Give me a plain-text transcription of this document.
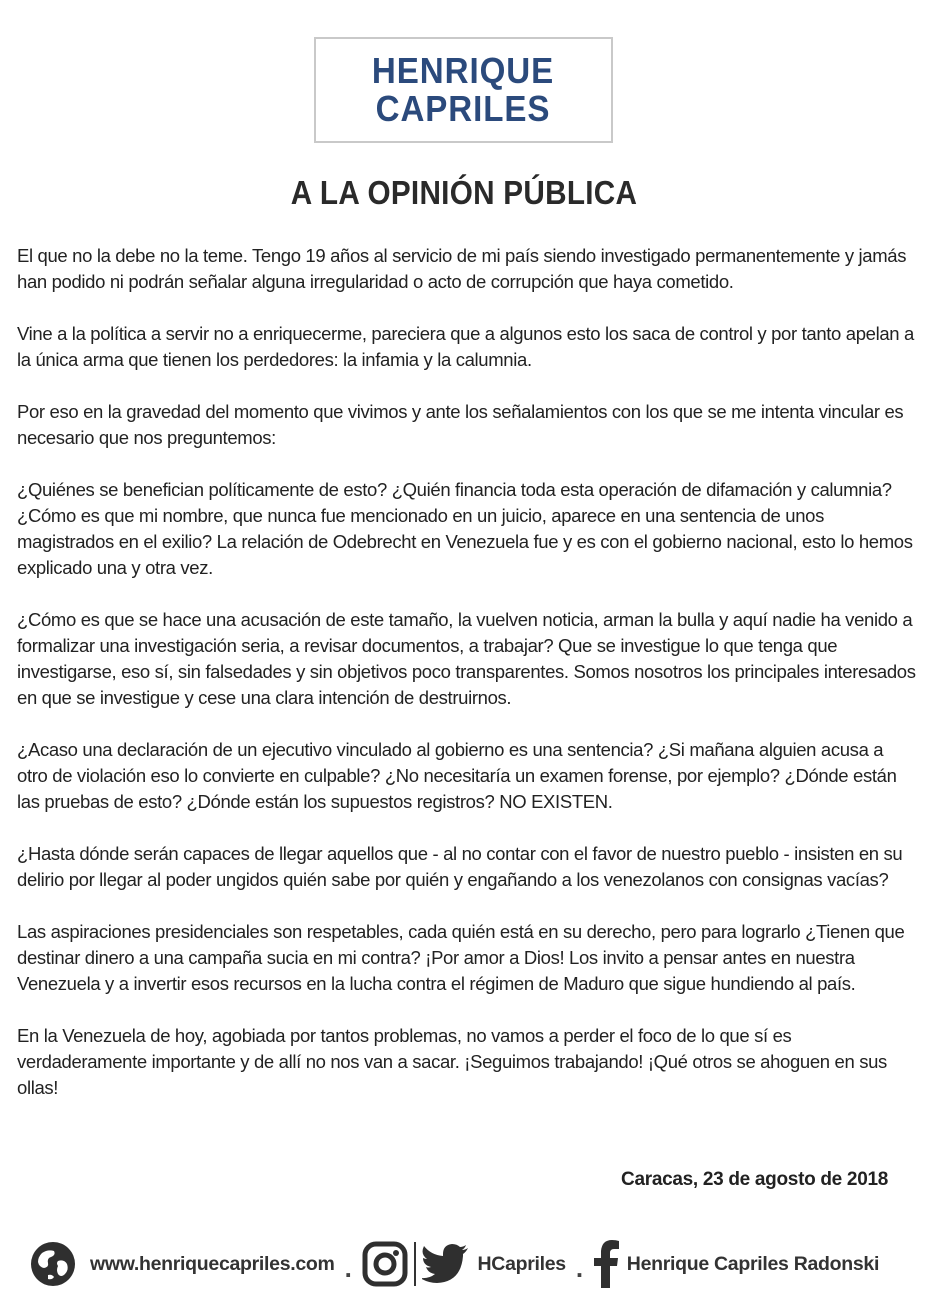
HENRIQUE
CAPRILES
A LA OPINIÓN PÚBLICA

El que no la debe no la teme. Tengo 19 años al servicio de mi país siendo investigado permanentemente y jamás han podido ni podrán señalar alguna irregularidad o acto de corrupción que haya cometido.

Vine a la política a servir no a enriquecerme, pareciera que a algunos esto los saca de control y por tanto apelan a la única arma que tienen los perdedores: la infamia y la calumnia.

Por eso en la gravedad del momento que vivimos y ante los señalamientos con los que se me intenta vincular es necesario que nos preguntemos:

¿Quiénes se benefician políticamente de esto? ¿Quién financia toda esta operación de difamación y calumnia? ¿Cómo es que mi nombre, que nunca fue mencionado en un juicio, aparece en una sentencia de unos magistrados en el exilio? La relación de Odebrecht en Venezuela fue y es con el gobierno nacional, esto lo hemos explicado una y otra vez.

¿Cómo es que se hace una acusación de este tamaño, la vuelven noticia, arman la bulla y aquí nadie ha venido a formalizar una investigación seria, a revisar documentos, a trabajar? Que se investigue lo que tenga que investigarse, eso sí, sin falsedades y sin objetivos poco transparentes. Somos nosotros los principales interesados en que se investigue y cese una clara intención de destruirnos.

¿Acaso una declaración de un ejecutivo vinculado al gobierno es una sentencia? ¿Si mañana alguien acusa a otro de violación eso lo convierte en culpable? ¿No necesitaría un examen forense, por ejemplo? ¿Dónde están las pruebas de esto? ¿Dónde están los supuestos registros? NO EXISTEN.

¿Hasta dónde serán capaces de llegar aquellos que - al no contar con el favor de nuestro pueblo - insisten en su delirio por llegar al poder ungidos quién sabe por quién y engañando a los venezolanos con consignas vacías?

Las aspiraciones presidenciales son respetables, cada quién está en su derecho, pero para lograrlo ¿Tienen que destinar dinero a una campaña sucia en mi contra? ¡Por amor a Dios! Los invito a pensar antes en nuestra Venezuela y a invertir esos recursos en la lucha contra el régimen de Maduro que sigue hundiendo al país.

En la Venezuela de hoy, agobiada por tantos problemas, no vamos a perder el foco de lo que sí es verdaderamente importante y de allí no nos van a sacar. ¡Seguimos trabajando! ¡Qué otros se ahoguen en sus ollas!

Caracas, 23 de agosto de 2018
www.henriquecapriles.com .	HCapriles . Henrique Capriles Radonski
